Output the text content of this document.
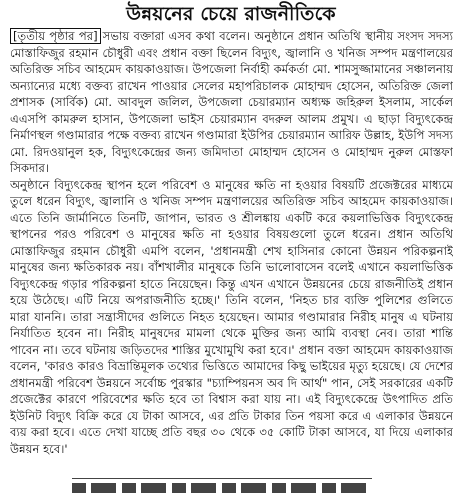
উন্নয়নের চেয়ে রাজনীতিকে

[তৃতীয় পৃষ্ঠার পর] সভায় বক্তারা এসব কথা বলেন। অনুষ্ঠানে প্রধান অতিথি স্থানীয় সংসদ সদস্য মোস্তাফিজুর রহমান চৌধুরী এবং প্রধান বক্তা ছিলেন বিদ্যুৎ, জ্বালানি ও খনিজ সম্পদ মন্ত্রণালয়ের অতিরিক্ত সচিব আহমেদ কায়কাওয়াজ। উপজেলা নির্বাহী কর্মকর্তা মো. শামসুজ্জামানের সঞ্চালনায় অন্যান্যের মধ্যে বক্তব্য রাখেন পাওয়ার সেলের মহাপরিচালক মোহাম্মদ হোসেন, অতিরিক্ত জেলা প্রশাসক (সার্বিক) মো. আবদুল জলিল, উপজেলা চেয়ারম্যান অধ্যক্ষ জহিরুল ইসলাম, সার্কেল এএসপি কামরুল হাসান, উপজেলা ভাইস চেয়ারম্যান বদরুল আলম প্রমুখ। এ ছাড়া বিদ্যুৎকেন্দ্র নির্মাণস্থল গণ্ডামারার পক্ষে বক্তব্য রাখেন গণ্ডামারা ইউপির চেয়ারম্যান আরিফ উল্লাহ, ইউপি সদস্য মো. রিদওয়ানুল হক, বিদ্যুৎকেন্দ্রের জন্য জমিদাতা মোহাম্মদ হোসেন ও মোহাম্মদ নুরুল মোস্তফা সিকদার।

অনুষ্ঠানে বিদ্যুৎকেন্দ্র স্থাপন হলে পরিবেশ ও মানুষের ক্ষতি না হওয়ার বিষয়টি প্রজেক্টরের মাধ্যমে তুলে ধরেন বিদ্যুৎ, জ্বালানি ও খনিজ সম্পদ মন্ত্রণালয়ের অতিরিক্ত সচিব আহমেদ কায়কাওয়াজ। এতে তিনি জার্মানিতে তিনটি, জাপান, ভারত ও শ্রীলঙ্কায় একটি করে কয়লাভিত্তিক বিদ্যুৎকেন্দ্র স্থাপনের পরও পরিবেশ ও মানুষের ক্ষতি না হওয়ার বিষয়গুলো তুলে ধরেন। প্রধান অতিথি মোস্তাফিজুর রহমান চৌধুরী এমপি বলেন, 'প্রধানমন্ত্রী শেখ হাসিনার কোনো উন্নয়ন পরিকল্পনাই মানুষের জন্য ক্ষতিকারক নয়। বাঁশখালীর মানুষকে তিনি ভালোবাসেন বলেই এখানে কয়লাভিত্তিক বিদ্যুৎকেন্দ্র গড়ার পরিকল্পনা হাতে নিয়েছেন। কিন্তু এখন এখানে উন্নয়নের চেয়ে রাজনীতিই প্রধান হয়ে উঠেছে। এটি নিয়ে অপরাজনীতি হচ্ছে।' তিনি বলেন, 'নিহত চার ব্যক্তি পুলিশের গুলিতে মারা যাননি। তারা সন্ত্রাসীদের গুলিতে নিহত হয়েছেন। আমার গণ্ডামারার নিরীহ মানুষ এ ঘটনায় নির্যাতিত হবেন না। নিরীহ মানুষদের মামলা থেকে মুক্তির জন্য আমি ব্যবস্থা নেব। তারা শান্তি পাবেন না। তবে ঘটনায় জড়িতদের শাস্তির মুখোমুখি করা হবে।' প্রধান বক্তা আহমেদ কায়কাওয়াজ বলেন, 'কারও কারও বিভ্রান্তিমূলক তথ্যের ভিত্তিতে আমাদের কিছু ভাইয়ের মৃত্যু হয়েছে। যে দেশের প্রধানমন্ত্রী পরিবেশ উন্নয়নে সর্বোচ্চ পুরস্কার "চ্যাম্পিয়নস অব দি আর্থ" পান, সেই সরকারের একটি প্রজেক্টের কারণে পরিবেশের ক্ষতি হবে তা বিশ্বাস করা যায় না। এই বিদ্যুৎকেন্দ্রে উৎপাদিত প্রতি ইউনিট বিদ্যুৎ বিক্রি করে যে টাকা আসবে, এর প্রতি টাকার তিন পয়সা করে এ এলাকার উন্নয়নে ব্যয় করা হবে। এতে দেখা যাচ্ছে প্রতি বছর ৩০ থেকে ৩৫ কোটি টাকা আসবে, যা দিয়ে এলাকার উন্নয়ন হবে।'
